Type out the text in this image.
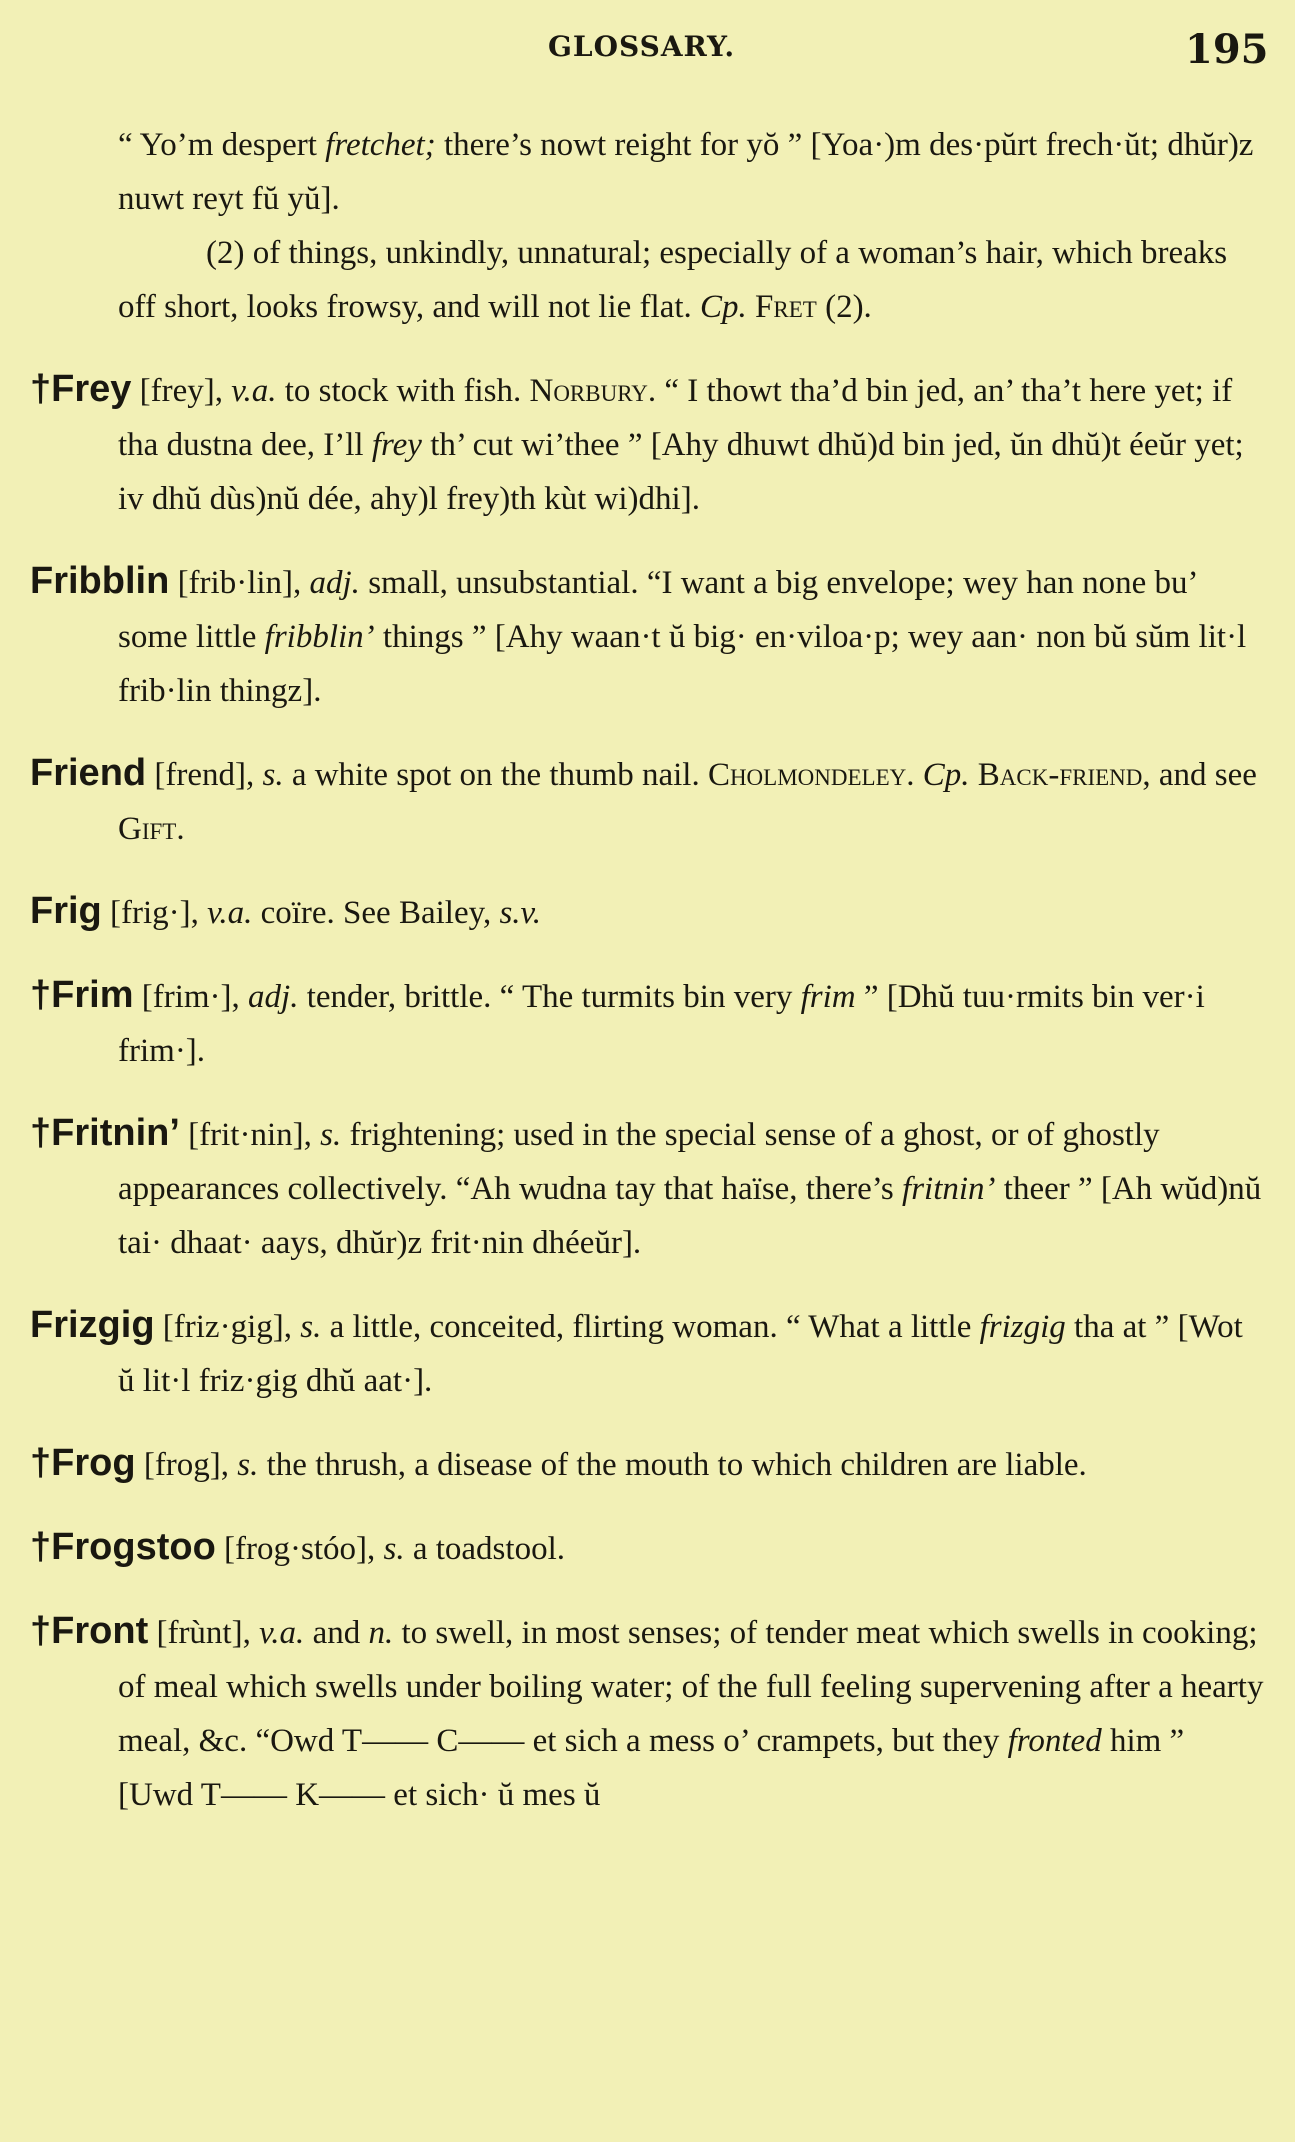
GLOSSARY.	195

“ Yo’m despert fretchet; there’s nowt reight for yŏ ” [Yoa·)m des·pŭrt frech·ŭt; dhŭr)z nuwt reyt fŭ yŭ].

(2) of things, unkindly, unnatural; especially of a woman’s hair, which breaks off short, looks frowsy, and will not lie flat. Cp. Fret (2).

†Frey [frey], v.a. to stock with fish. Norbury. “ I thowt tha’d bin jed, an’ tha’t here yet; if tha dustna dee, I’ll frey th’ cut wi’thee ” [Ahy dhuwt dhŭ)d bin jed, ŭn dhŭ)t éeŭr yet; iv dhŭ dùs)nŭ dée, ahy)l frey)th kùt wi)dhi].

Fribblin [frib·lin], adj. small, unsubstantial. “I want a big envelope; wey han none bu’ some little fribblin’ things ” [Ahy waan·t ŭ big· en·viloa·p; wey aan· non bŭ sŭm lit·l frib·lin thingz].

Friend [frend], s. a white spot on the thumb nail. Cholmondeley. Cp. Back-friend, and see Gift.

Frig [frig·], v.a. coïre. See Bailey, s.v.

†Frim [frim·], adj. tender, brittle. “ The turmits bin very frim ” [Dhŭ tuu·rmits bin ver·i frim·].

†Fritnin’ [frit·nin], s. frightening; used in the special sense of a ghost, or of ghostly appearances collectively. “Ah wudna tay that haïse, there’s fritnin’ theer ” [Ah wŭd)nŭ tai· dhaat· aays, dhŭr)z frit·nin dhéeŭr].

Frizgig [friz·gig], s. a little, conceited, flirting woman. “ What a little frizgig tha at ” [Wot ŭ lit·l friz·gig dhŭ aat·].

†Frog [frog], s. the thrush, a disease of the mouth to which children are liable.

†Frogstoo [frog·stóo], s. a toadstool.

†Front [frùnt], v.a. and n. to swell, in most senses; of tender meat which swells in cooking; of meal which swells under boiling water; of the full feeling supervening after a hearty meal, &c. “Owd T—— C—— et sich a mess o’ crampets, but they fronted him ” [Uwd T—— K—— et sich· ŭ mes ŭ
